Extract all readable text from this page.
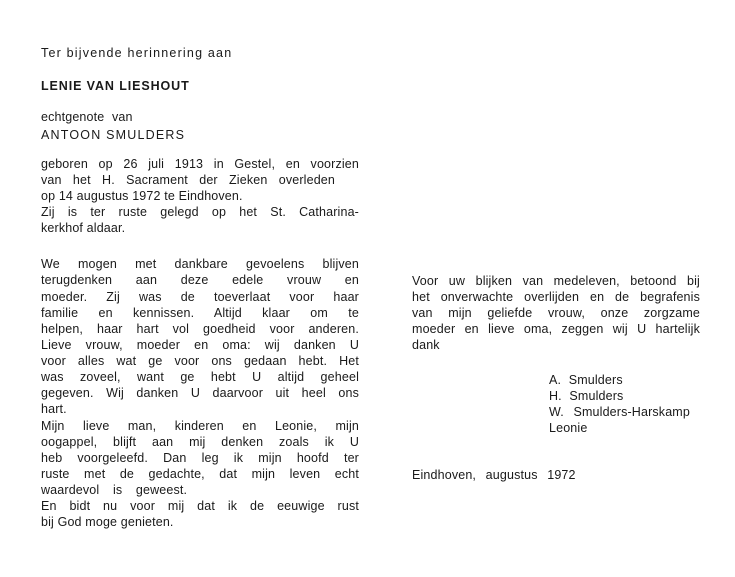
Ter bijvende herinnering aan
LENIE VAN LIESHOUT
echtgenote van
ANTOON SMULDERS
geboren op 26 juli 1913 in Gestel, en voorzien
van het H. Sacrament der Zieken overleden
op 14 augustus 1972 te Eindhoven.
Zij is ter ruste gelegd op het St. Catharina-
kerkhof aldaar.
We mogen met dankbare gevoelens blijven
terugdenken aan deze edele vrouw en
moeder. Zij was de toeverlaat voor haar
familie en kennissen. Altijd klaar om te
helpen, haar hart vol goedheid voor anderen.
Lieve vrouw, moeder en oma: wij danken U
voor alles wat ge voor ons gedaan hebt. Het
was zoveel, want ge hebt U altijd geheel
gegeven. Wij danken U daarvoor uit heel ons
hart.
Mijn lieve man, kinderen en Leonie, mijn
oogappel, blijft aan mij denken zoals ik U
heb voorgeleefd. Dan leg ik mijn hoofd ter
ruste met de gedachte, dat mijn leven echt
waardevol is geweest.
En bidt nu voor mij dat ik de eeuwige rust
bij God moge genieten.
Voor uw blijken van medeleven, betoond bij
het onverwachte overlijden en de begrafenis
van mijn geliefde vrouw, onze zorgzame
moeder en lieve oma, zeggen wij U hartelijk
dank
A. Smulders
H. Smulders
W. Smulders-Harskamp
Leonie
Eindhoven, augustus 1972
